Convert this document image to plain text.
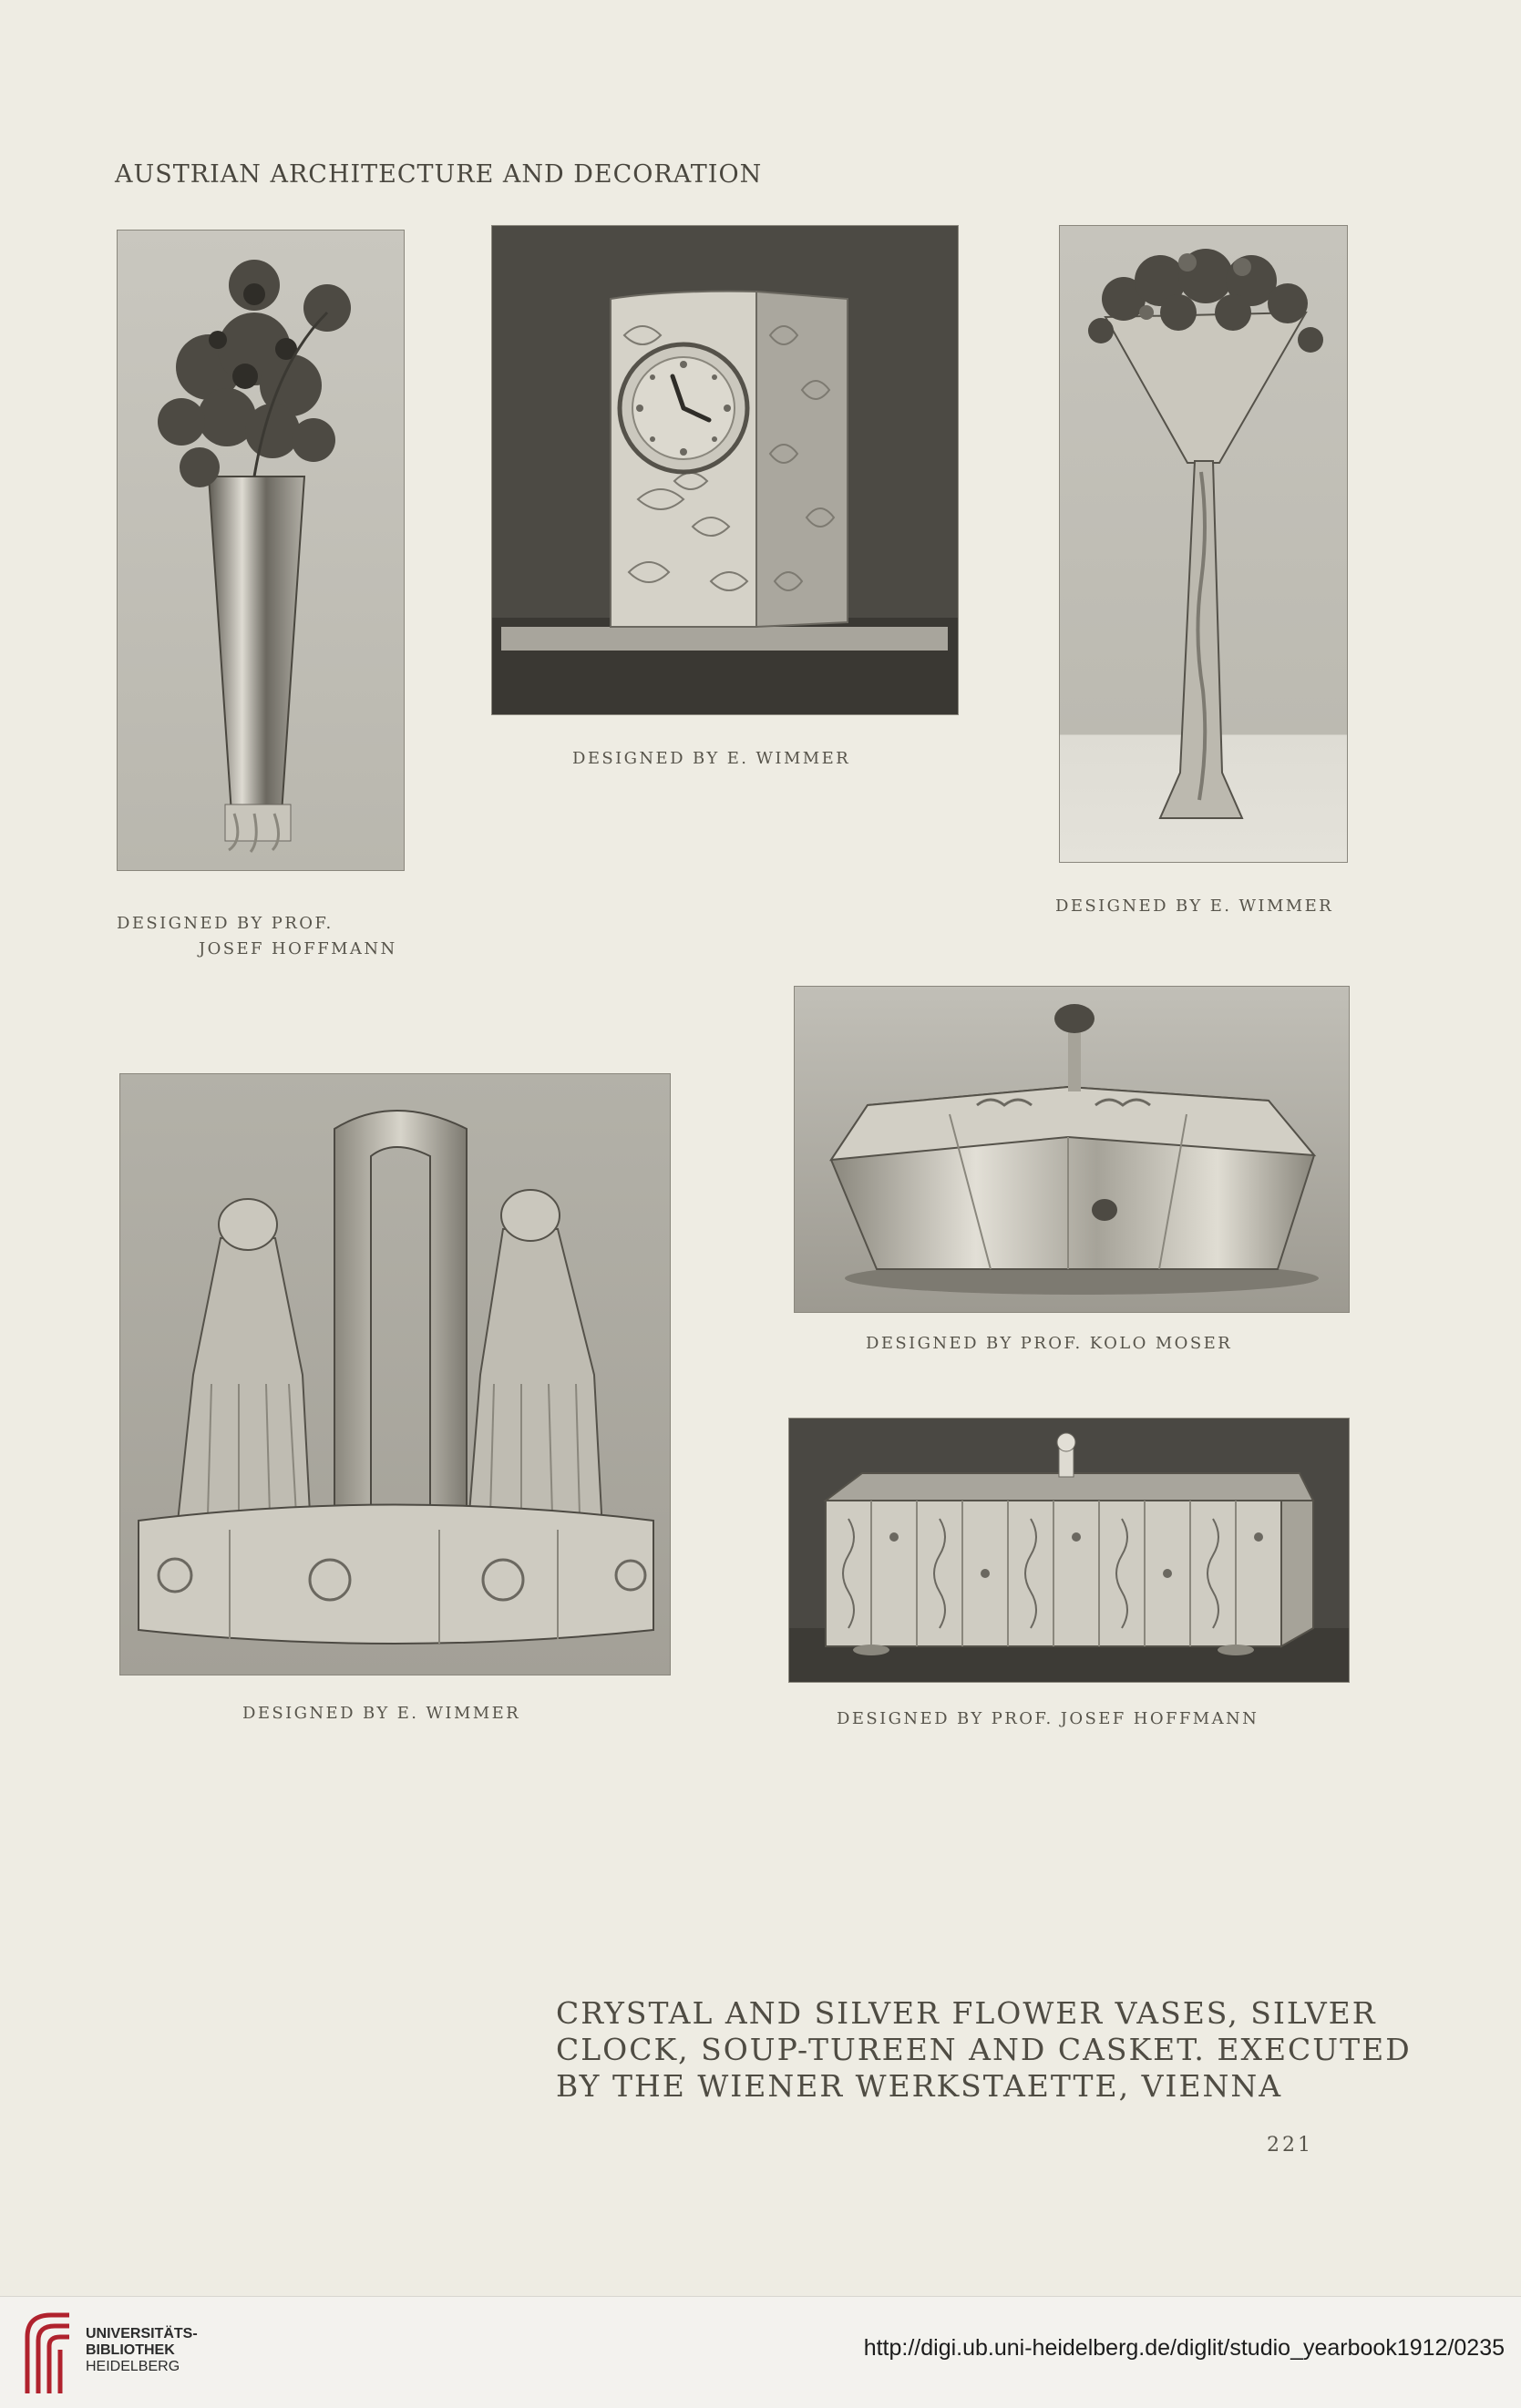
AUSTRIAN ARCHITECTURE AND DECORATION
DESIGNED BY PROF.
JOSEF HOFFMANN
DESIGNED BY E. WIMMER
DESIGNED BY E. WIMMER
DESIGNED BY PROF. KOLO MOSER
DESIGNED BY E. WIMMER	DESIGNED BY PROF. JOSEF HOFFMANN
CRYSTAL AND SILVER FLOWER VASES, SILVER
CLOCK, SOUP-TUREEN AND CASKET. EXECUTED
BY THE WIENER WERKSTAETTE, VIENNA
221
UNIVERSITÄTS-
BIBLIOTHEK
HEIDELBERG
http://digi.ub.uni-heidelberg.de/diglit/studio_yearbook1912/0235
